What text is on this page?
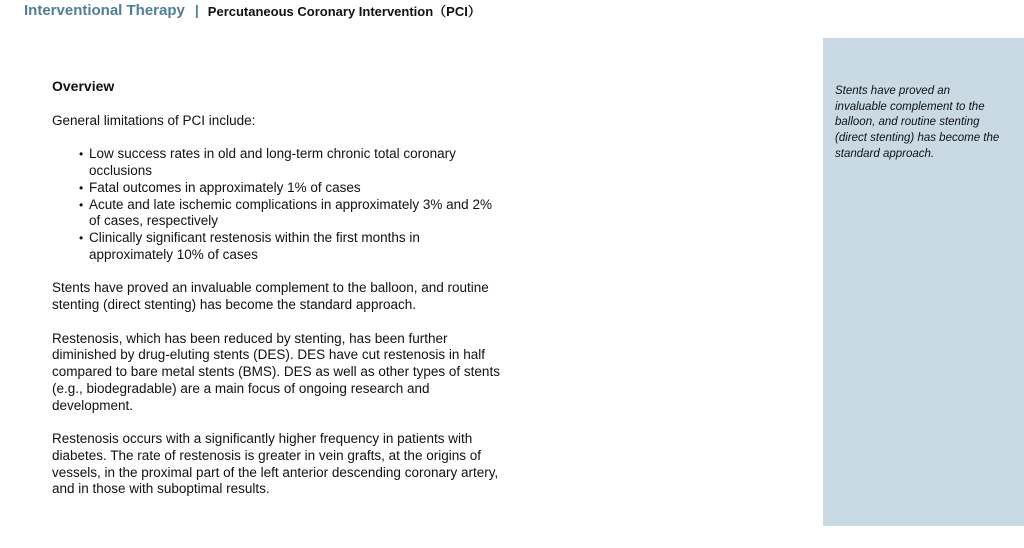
Interventional Therapy | Percutaneous Coronary Intervention（PCI）
Overview

General limitations of PCI include:

• Low success rates in old and long-term chronic total coronary occlusions
• Fatal outcomes in approximately 1% of cases
• Acute and late ischemic complications in approximately 3% and 2% of cases, respectively
• Clinically significant restenosis within the first months in approximately 10% of cases

Stents have proved an invaluable complement to the balloon, and routine stenting (direct stenting) has become the standard approach.

Restenosis, which has been reduced by stenting, has been further diminished by drug-eluting stents (DES). DES have cut restenosis in half compared to bare metal stents (BMS). DES as well as other types of stents (e.g., biodegradable) are a main focus of ongoing research and development.

Restenosis occurs with a significantly higher frequency in patients with diabetes. The rate of restenosis is greater in vein grafts, at the origins of vessels, in the proximal part of the left anterior descending coronary artery, and in those with suboptimal results.

Stents have proved an invaluable complement to the balloon, and routine stenting (direct stenting) has become the standard approach.
